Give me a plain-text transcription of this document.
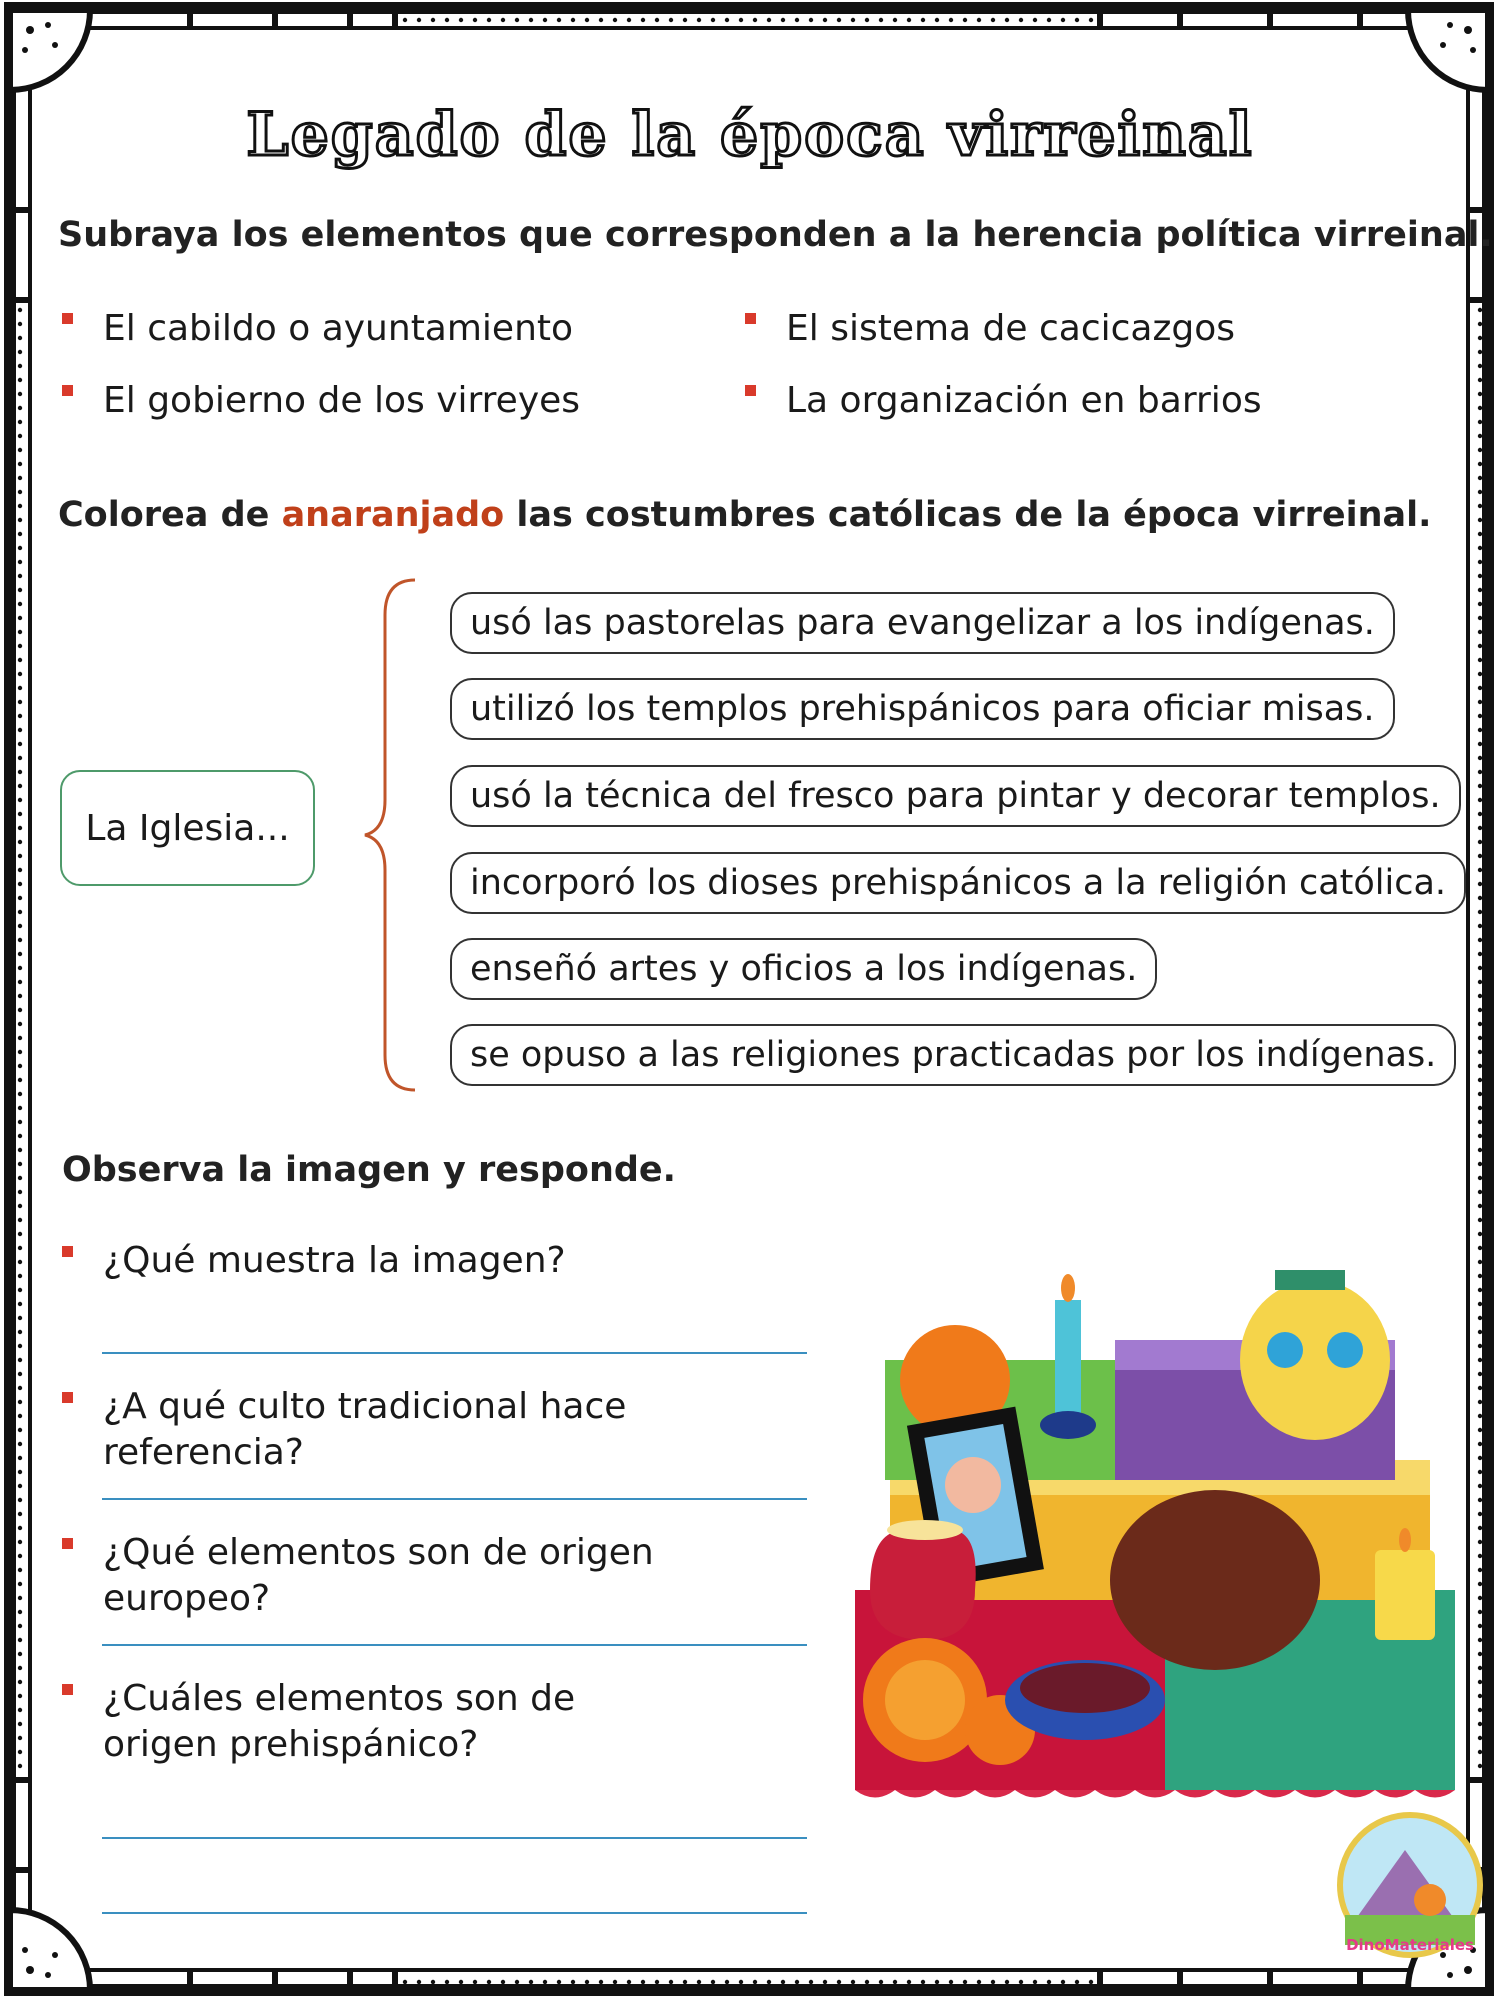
Legado de la época virreinal
Subraya los elementos que corresponden a la herencia política virreinal.
El cabildo o ayuntamiento
El gobierno de los virreyes
El sistema de cacicazgos
La organización en barrios
Colorea de anaranjado las costumbres católicas de la época virreinal.
La Iglesia...
usó las pastorelas para evangelizar a los indígenas.
utilizó los templos prehispánicos para oficiar misas.
usó la técnica del fresco para pintar y decorar templos.
incorporó los dioses prehispánicos a la religión católica.
enseñó artes y oficios a los indígenas.
se opuso a las religiones practicadas por los indígenas.
Observa la imagen y responde.
¿Qué muestra la imagen?
¿A qué culto tradicional hace referencia?
¿Qué elementos son de origen europeo?
¿Cuáles elementos son de origen prehispánico?
DinoMateriales
